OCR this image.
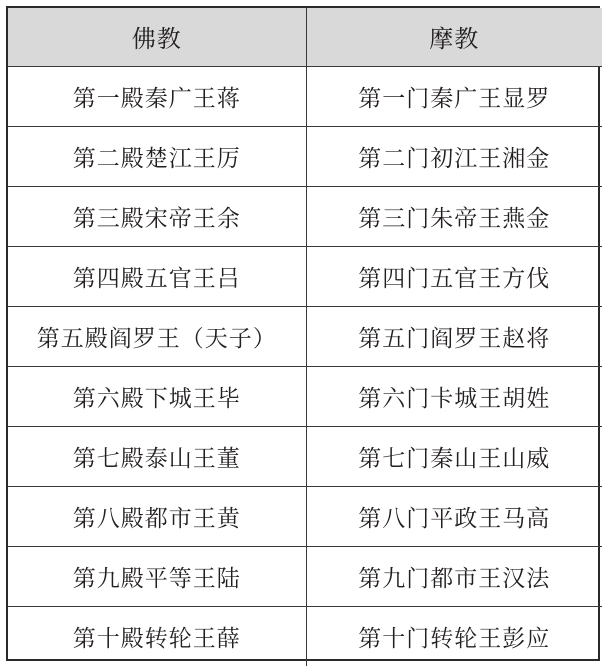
佛教	摩教
第一殿秦广王蒋	第一门秦广王显罗
第二殿楚江王厉	第二门初江王湘金
第三殿宋帝王余	第三门朱帝王燕金
第四殿五官王吕	第四门五官王方伐
第五殿阎罗王（天子）	第五门阎罗王赵将
第六殿下城王毕	第六门卡城王胡姓
第七殿泰山王董	第七门秦山王山威
第八殿都市王黄	第八门平政王马高
第九殿平等王陆	第九门都市王汉法
第十殿转轮王薛	第十门转轮王彭应
